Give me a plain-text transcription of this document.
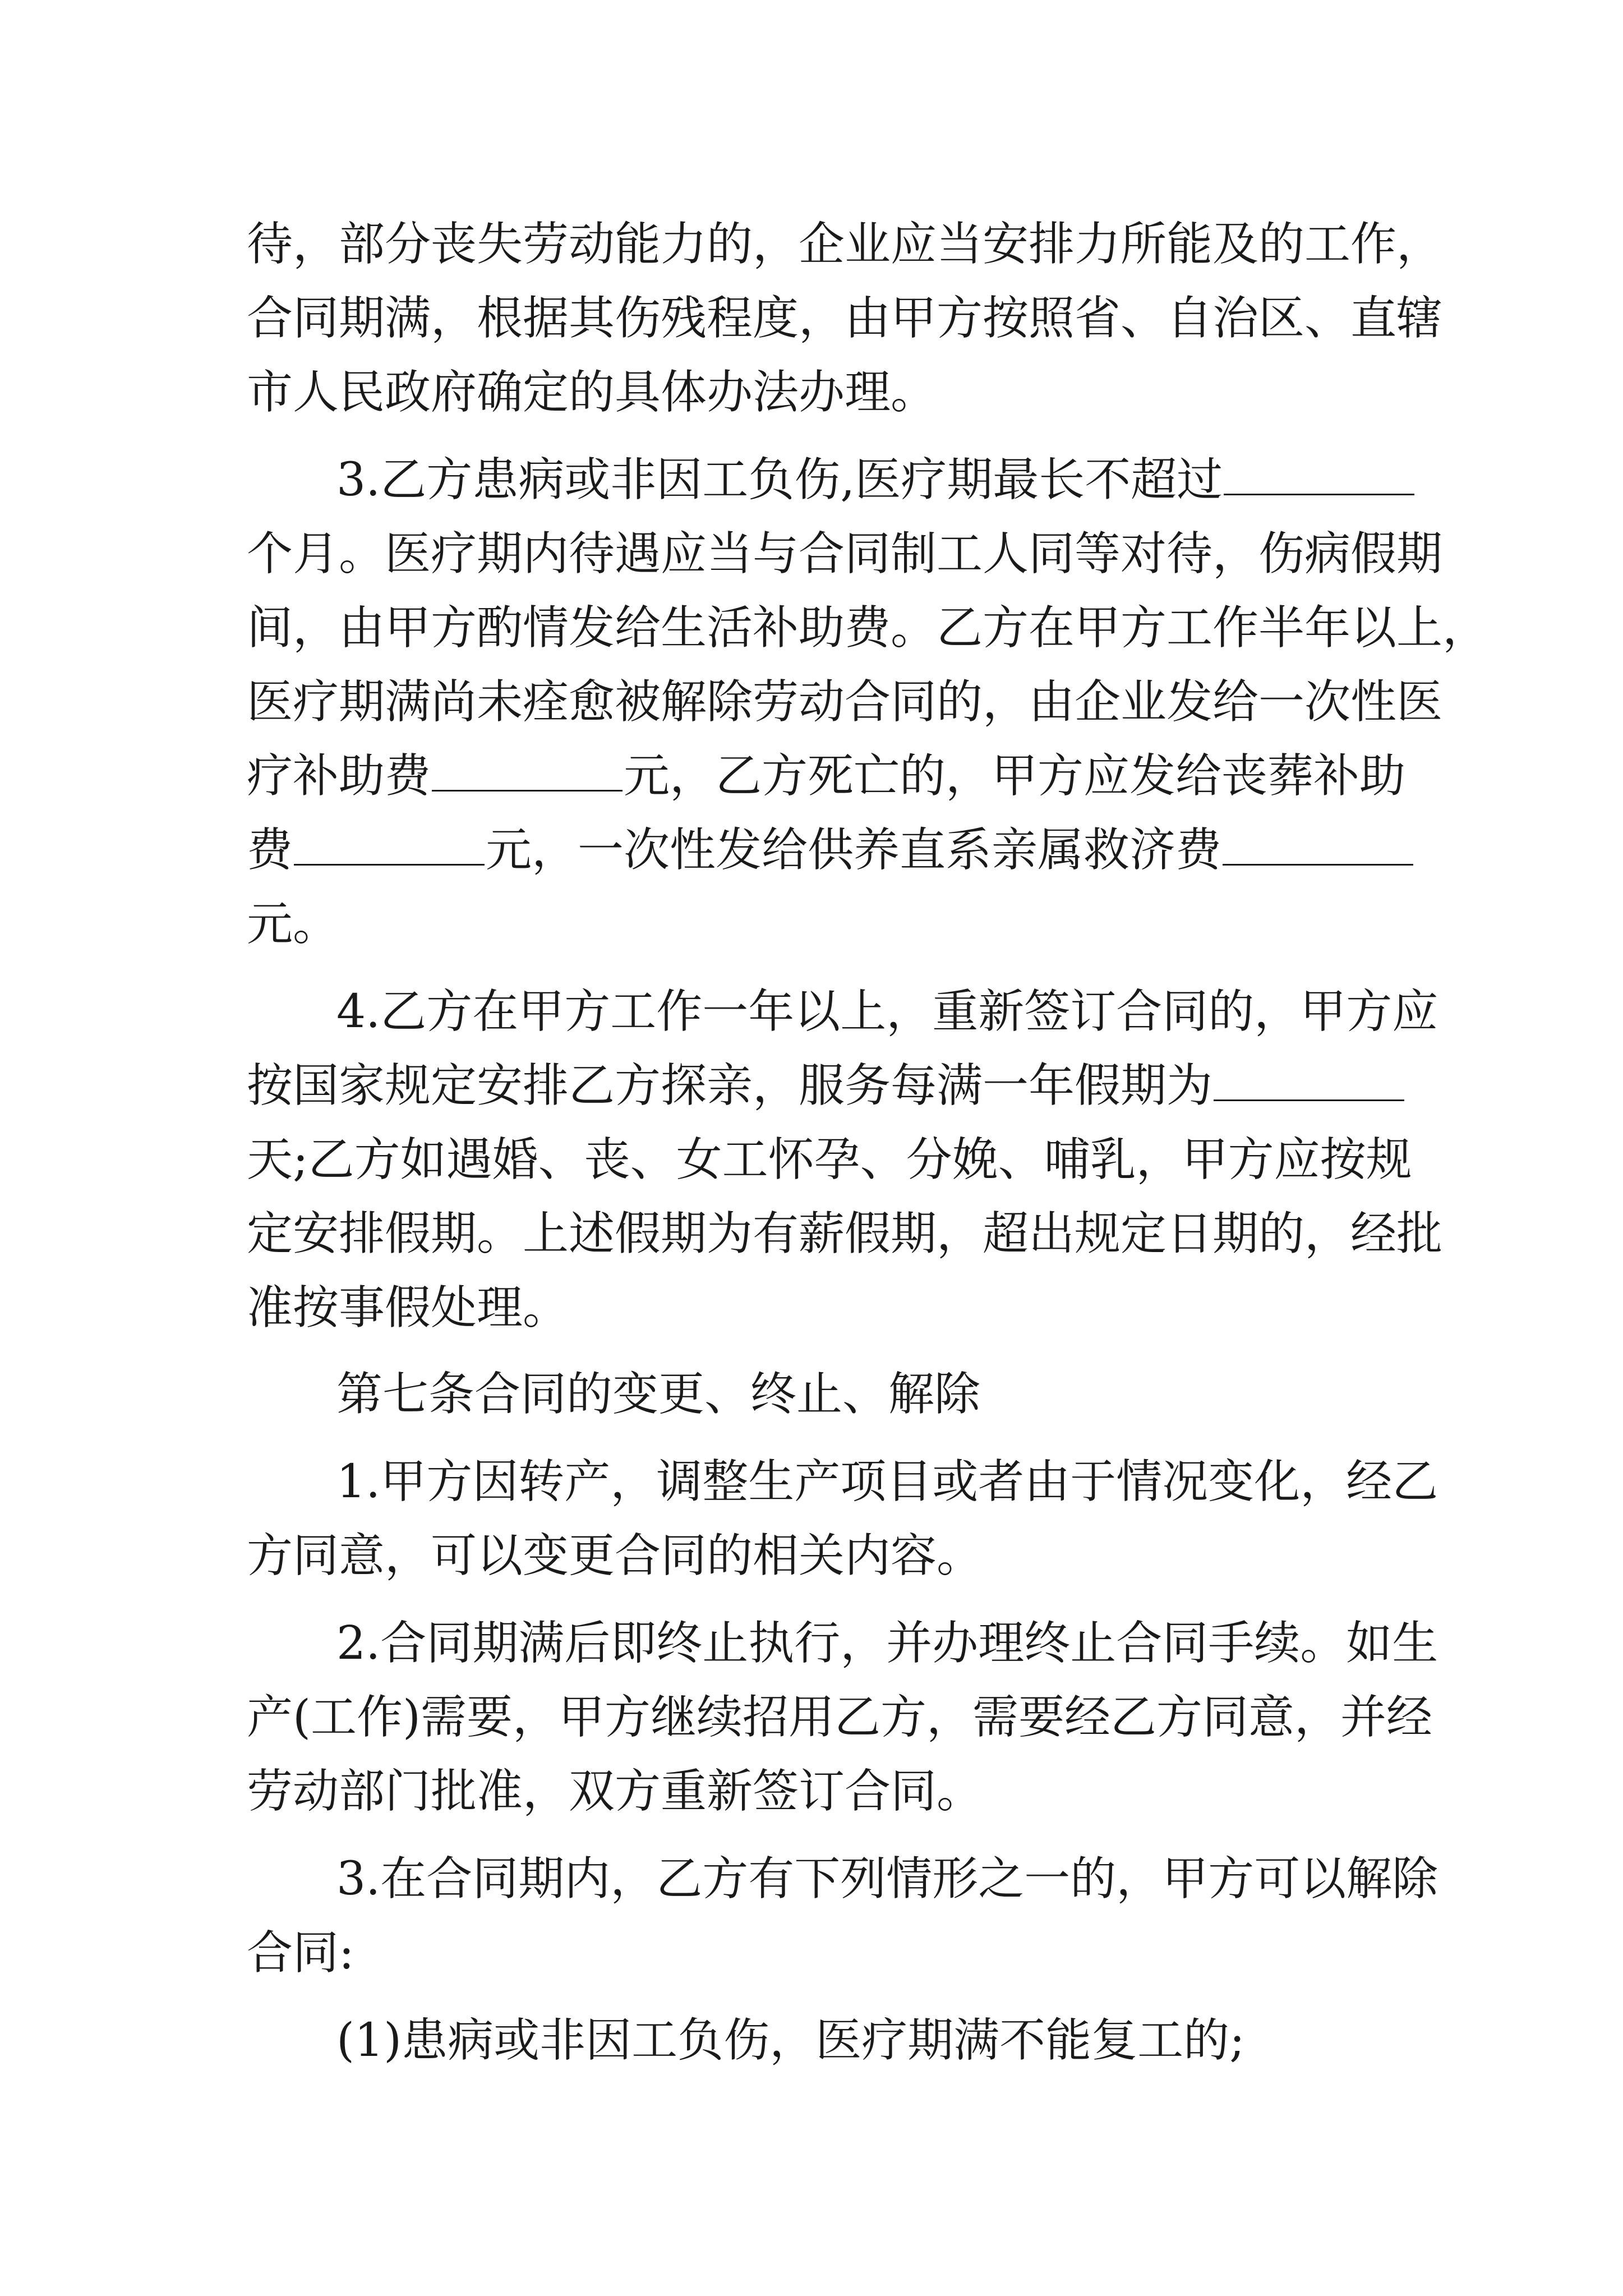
待，部分丧失劳动能力的，企业应当安排力所能及的工作，
合同期满，根据其伤残程度，由甲方按照省、自治区、直辖
市人民政府确定的具体办法办理。
3.乙方患病或非因工负伤,医疗期最长不超过
个月。医疗期内待遇应当与合同制工人同等对待，伤病假期
间，由甲方酌情发给生活补助费。乙方在甲方工作半年以上，
医疗期满尚未痊愈被解除劳动合同的，由企业发给一次性医
疗补助费	元，乙方死亡的，甲方应发给丧葬补助
费	元，一次性发给供养直系亲属救济费
元。
4.乙方在甲方工作一年以上，重新签订合同的，甲方应
按国家规定安排乙方探亲，服务每满一年假期为
天;乙方如遇婚、丧、女工怀孕、分娩、哺乳，甲方应按规
定安排假期。上述假期为有薪假期，超出规定日期的，经批
准按事假处理。
第七条合同的变更、终止、解除
1.甲方因转产，调整生产项目或者由于情况变化，经乙
方同意，可以变更合同的相关内容。
2.合同期满后即终止执行，并办理终止合同手续。如生
产(工作)需要，甲方继续招用乙方，需要经乙方同意，并经
劳动部门批准，双方重新签订合同。
3.在合同期内，乙方有下列情形之一的，甲方可以解除
合同:
(1)患病或非因工负伤，医疗期满不能复工的;
